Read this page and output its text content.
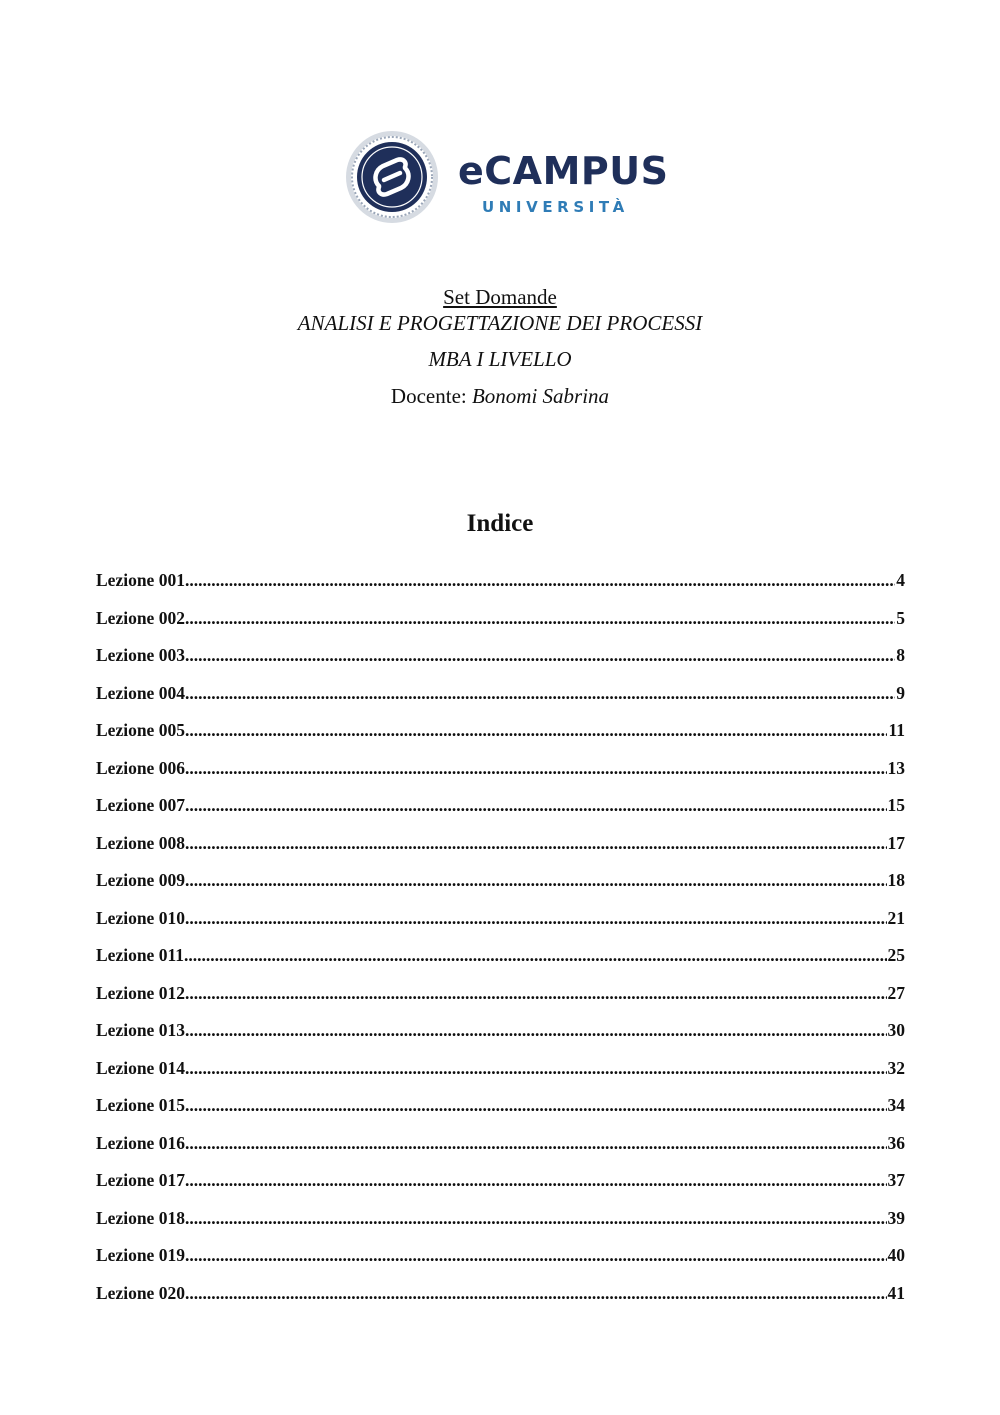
eCAMPUS
UNIVERSITÀ
Set Domande
ANALISI E PROGETTAZIONE DEI PROCESSI
MBA I LIVELLO
Docente: Bonomi Sabrina
Indice
Lezione 001 .....	4
Lezione 002 .....	5
Lezione 003 .....	8
Lezione 004 .....	9
Lezione 005 .....	11
Lezione 006 .....	13
Lezione 007 .....	15
Lezione 008 .....	17
Lezione 009 .....	18
Lezione 010 .....	21
Lezione 011 .....	25
Lezione 012 .....	27
Lezione 013 .....	30
Lezione 014 .....	32
Lezione 015 .....	34
Lezione 016 .....	36
Lezione 017 .....	37
Lezione 018 .....	39
Lezione 019 .....	40
Lezione 020 .....	41
